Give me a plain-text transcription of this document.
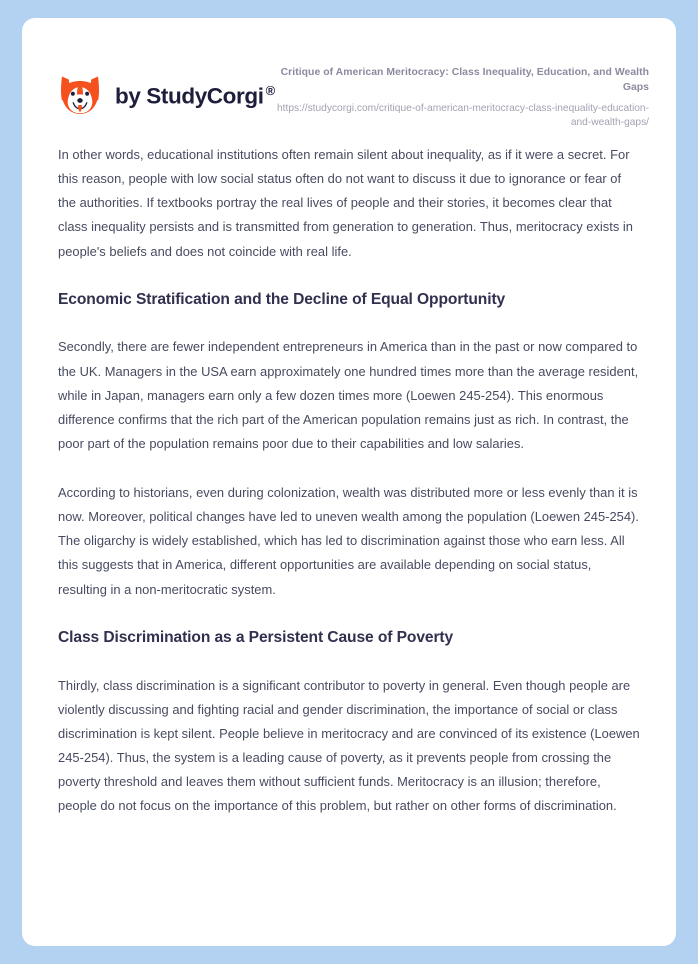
by StudyCorgi ®
Critique of American Meritocracy: Class Inequality, Education, and Wealth Gaps
https://studycorgi.com/critique-of-american-meritocracy-class-inequality-education-and-wealth-gaps/

In other words, educational institutions often remain silent about inequality, as if it were a secret. For this reason, people with low social status often do not want to discuss it due to ignorance or fear of the authorities. If textbooks portray the real lives of people and their stories, it becomes clear that class inequality persists and is transmitted from generation to generation. Thus, meritocracy exists in people's beliefs and does not coincide with real life.

Economic Stratification and the Decline of Equal Opportunity

Secondly, there are fewer independent entrepreneurs in America than in the past or now compared to the UK. Managers in the USA earn approximately one hundred times more than the average resident, while in Japan, managers earn only a few dozen times more (Loewen 245-254). This enormous difference confirms that the rich part of the American population remains just as rich. In contrast, the poor part of the population remains poor due to their capabilities and low salaries.

According to historians, even during colonization, wealth was distributed more or less evenly than it is now. Moreover, political changes have led to uneven wealth among the population (Loewen 245-254). The oligarchy is widely established, which has led to discrimination against those who earn less. All this suggests that in America, different opportunities are available depending on social status, resulting in a non-meritocratic system.

Class Discrimination as a Persistent Cause of Poverty

Thirdly, class discrimination is a significant contributor to poverty in general. Even though people are violently discussing and fighting racial and gender discrimination, the importance of social or class discrimination is kept silent. People believe in meritocracy and are convinced of its existence (Loewen 245-254). Thus, the system is a leading cause of poverty, as it prevents people from crossing the poverty threshold and leaves them without sufficient funds. Meritocracy is an illusion; therefore, people do not focus on the importance of this problem, but rather on other forms of discrimination.
